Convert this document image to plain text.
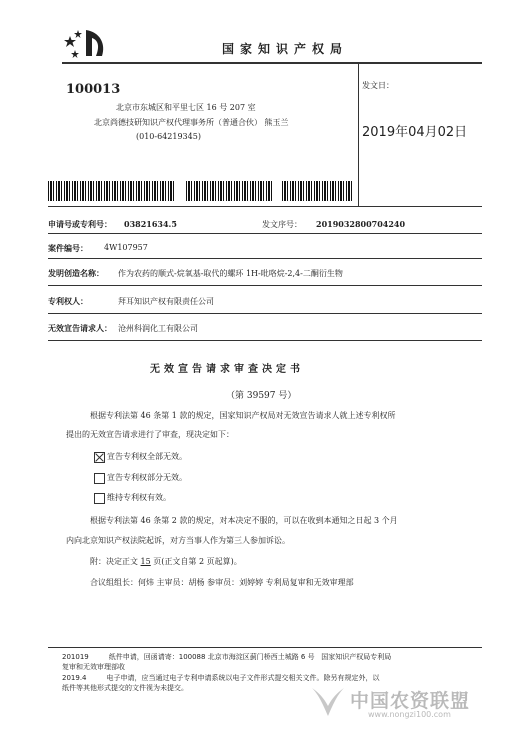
国家知识产权局
100013
北京市东城区和平里七区 16 号 207 室
北京尚德技研知识产权代理事务所（普通合伙） 熊玉兰
(010-64219345)
发文日：
2019年04月02日
申请号或专利号： 03821634.5	发文序号： 2019032800704240
案件编号： 4W107957
发明创造名称： 作为农药的顺式-烷氧基-取代的螺环 1H-吡咯烷-2,4-二酮衍生物
专利权人：	拜耳知识产权有限责任公司
无效宣告请求人： 沧州科润化工有限公司
无效宣告请求审查决定书
（第 39597 号）
根据专利法第 46 条第 1 款的规定，国家知识产权局对无效宣告请求人就上述专利权所
提出的无效宣告请求进行了审查，现决定如下：
宣告专利权全部无效。
宣告专利权部分无效。
维持专利权有效。
根据专利法第 46 条第 2 款的规定，对本决定不服的，可以在收到本通知之日起 3 个月
内向北京知识产权法院起诉，对方当事人作为第三人参加诉讼。
附：决定正文 15 页(正文自第 2 页起算)。
合议组组长：何炜 主审员：胡杨 参审员：刘婷婷 专利局复审和无效审理部
201019         纸件申请，回函请寄：100088 北京市海淀区蓟门桥西土城路 6 号   国家知识产权局专利局
复审和无效审理部收
2019.4         电子申请，应当通过电子专利申请系统以电子文件形式提交相关文件。除另有规定外，以
纸件等其他形式提交的文件视为未提交。
中国农资联盟
www.nongzi100.com
